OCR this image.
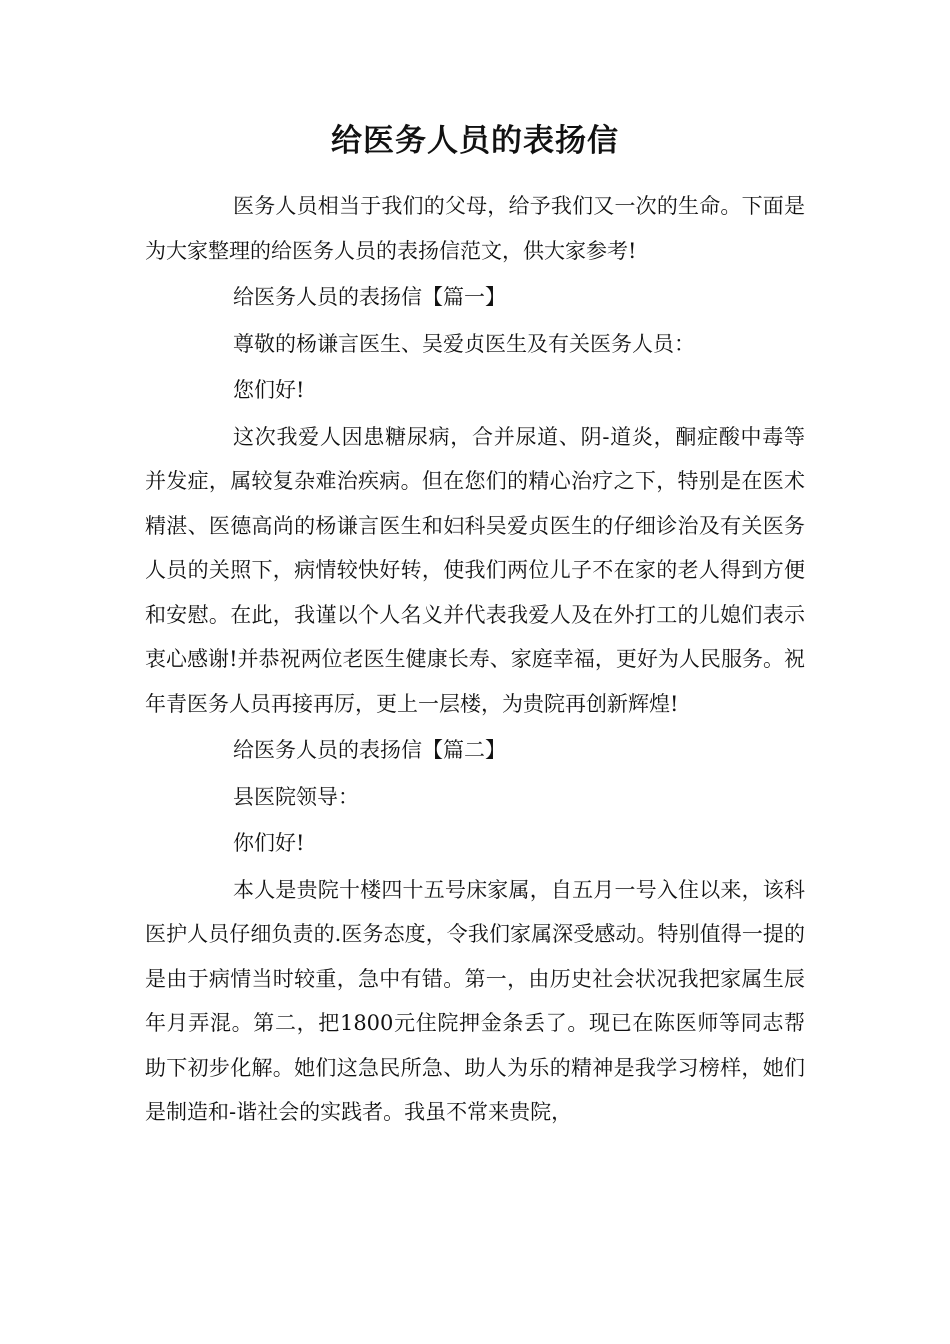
给医务人员的表扬信

医务人员相当于我们的父母，给予我们又一次的生命。下面是为大家整理的给医务人员的表扬信范文，供大家参考!

给医务人员的表扬信【篇一】

尊敬的杨谦言医生、吴爱贞医生及有关医务人员：

您们好!

这次我爱人因患糖尿病，合并尿道、阴-道炎，酮症酸中毒等并发症，属较复杂难治疾病。但在您们的精心治疗之下，特别是在医术精湛、医德高尚的杨谦言医生和妇科吴爱贞医生的仔细诊治及有关医务人员的关照下，病情较快好转，使我们两位儿子不在家的老人得到方便和安慰。在此，我谨以个人名义并代表我爱人及在外打工的儿媳们表示衷心感谢!并恭祝两位老医生健康长寿、家庭幸福，更好为人民服务。祝年青医务人员再接再厉，更上一层楼，为贵院再创新辉煌!

给医务人员的表扬信【篇二】

县医院领导：

你们好!

本人是贵院十楼四十五号床家属，自五月一号入住以来，该科医护人员仔细负责的.医务态度，令我们家属深受感动。特别值得一提的是由于病情当时较重，急中有错。第一，由历史社会状况我把家属生辰年月弄混。第二，把1800元住院押金条丢了。现已在陈医师等同志帮助下初步化解。她们这急民所急、助人为乐的精神是我学习榜样，她们是制造和-谐社会的实践者。我虽不常来贵院，
